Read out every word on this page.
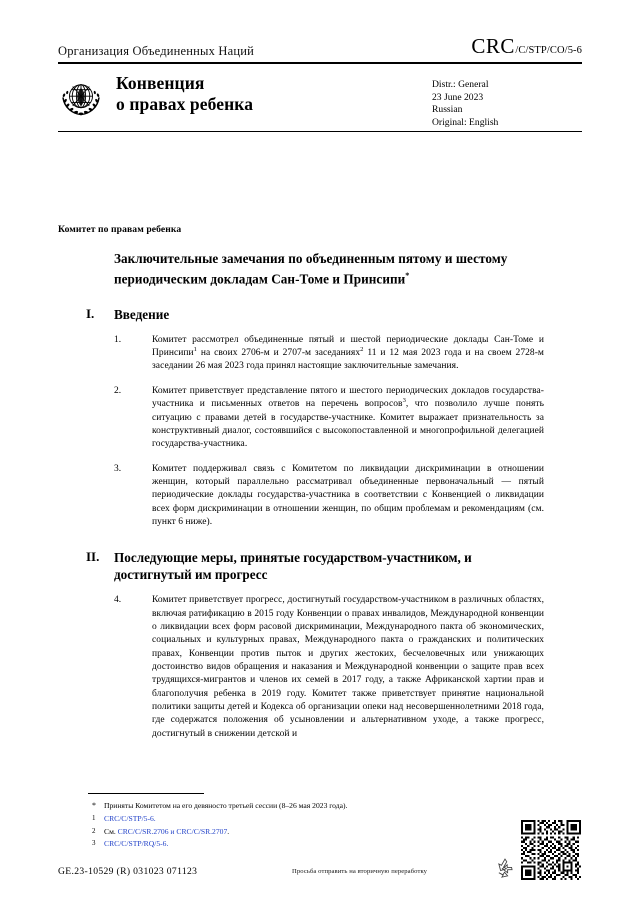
Организация Объединенных Наций	CRC /C/STP/CO/5-6
Конвенция
о правах ребенка
Distr.: General
23 June 2023
Russian
Original: English
Комитет по правам ребенка
Заключительные замечания по объединенным пятому и шестому периодическим докладам Сан-Томе и Принсипи*
I.	Введение
1.	Комитет рассмотрел объединенные пятый и шестой периодические доклады Сан-Томе и Принсипи$^1$ на своих 2706-м и 2707-м заседаниях$^2$ 11 и 12 мая 2023 года и на своем 2728-м заседании 26 мая 2023 года принял настоящие заключительные замечания.
2.	Комитет приветствует представление пятого и шестого периодических докладов государства-участника и письменных ответов на перечень вопросов$^3$, что позволило лучше понять ситуацию с правами детей в государстве-участнике. Комитет выражает признательность за конструктивный диалог, состоявшийся с высокопоставленной и многопрофильной делегацией государства-участника.
3.	Комитет поддерживал связь с Комитетом по ликвидации дискриминации в отношении женщин, который параллельно рассматривал объединенные первоначальный — пятый периодические доклады государства-участника в соответствии с Конвенцией о ликвидации всех форм дискриминации в отношении женщин, по общим проблемам и рекомендациям (см. пункт 6 ниже).
II.	Последующие меры, принятые государством-участником, и достигнутый им прогресс
4.	Комитет приветствует прогресс, достигнутый государством-участником в различных областях, включая ратификацию в 2015 году Конвенции о правах инвалидов, Международной конвенции о ликвидации всех форм расовой дискриминации, Международного пакта об экономических, социальных и культурных правах, Международного пакта о гражданских и политических правах, Конвенции против пыток и других жестоких, бесчеловечных или унижающих достоинство видов обращения и наказания и Международной конвенции о защите прав всех трудящихся-мигрантов и членов их семей в 2017 году, а также Африканской хартии прав и благополучия ребенка в 2019 году. Комитет также приветствует принятие национальной политики защиты детей и Кодекса об организации опеки над несовершеннолетними 2018 года, где содержатся положения об усыновлении и альтернативном уходе, а также прогресс, достигнутый в снижении детской и
*	Приняты Комитетом на его девяносто третьей сессии (8–26 мая 2023 года).
1	CRC/C/STP/5-6.
2	См. CRC/C/SR.2706 и CRC/C/SR.2707.
3	CRC/C/STP/RQ/5-6.
GE.23-10529 (R) 031023 071123	Просьба отправить на вторичную переработку
